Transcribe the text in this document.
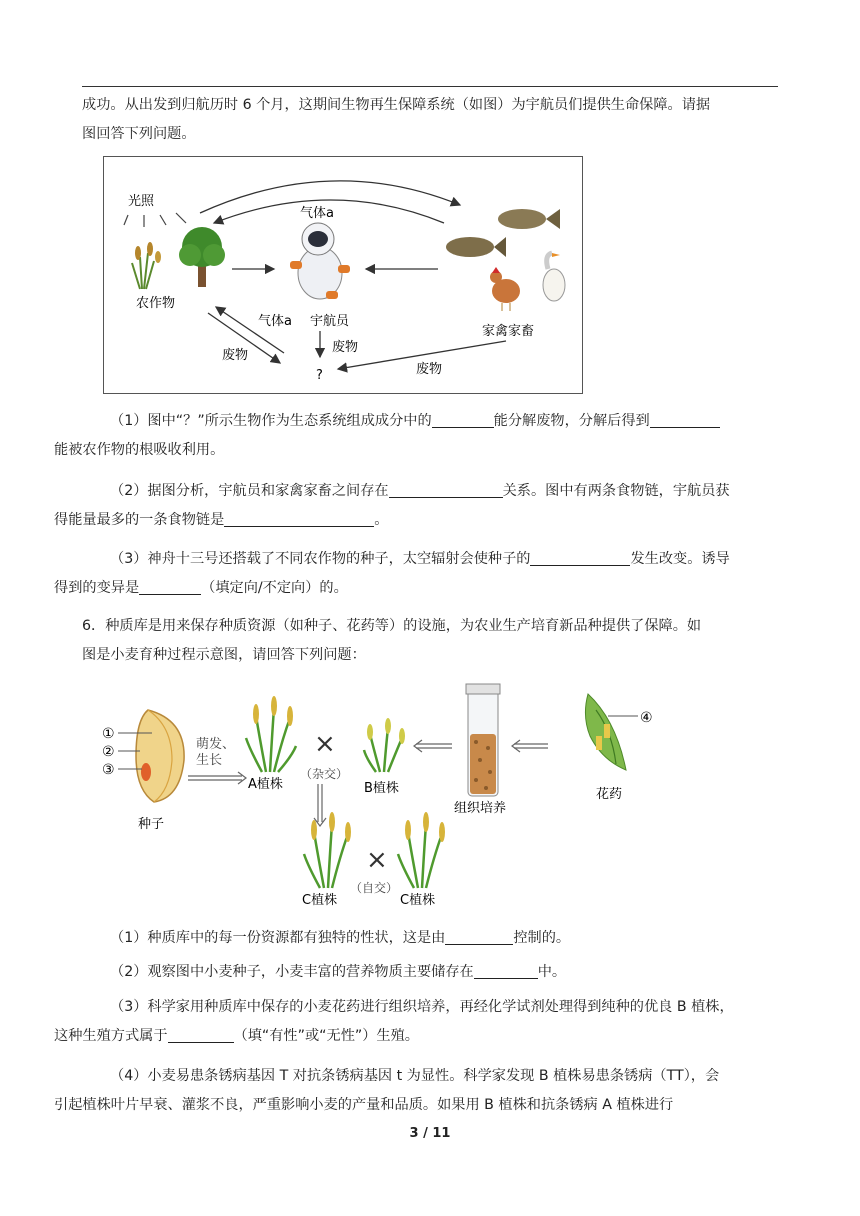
成功。从出发到归航历时 6 个月，这期间生物再生保障系统（如图）为宇航员们提供生命保障。请据
图回答下列问题。

光照
气体a
农作物
宇航员
家禽家畜
气体a
废物
废物
?	废物

（1）图中“？”所示生物作为生态系统组成成分中的	能分解废物，分解后得到
能被农作物的根吸收利用。

（2）据图分析，宇航员和家禽家畜之间存在	关系。图中有两条食物链，宇航员获
得能量最多的一条食物链是	。

（3）神舟十三号还搭载了不同农作物的种子，太空辐射会使种子的	发生改变。诱导
得到的变异是	（填定向/不定向）的。

6．种质库是用来保存种质资源（如种子、花药等）的设施，为农业生产培育新品种提供了保障。如
图是小麦育种过程示意图，请回答下列问题：

①
②
③
种子
萌发、
生长
A植株
×
（杂交）
B植株
组织培养
④
花药
C植株
×
（自交）
C植株

（1）种质库中的每一份资源都有独特的性状，这是由	控制的。

（2）观察图中小麦种子，小麦丰富的营养物质主要储存在	中。

（3）科学家用种质库中保存的小麦花药进行组织培养，再经化学试剂处理得到纯种的优良 B 植株，
这种生殖方式属于	（填“有性”或“无性”）生殖。

（4）小麦易患条锈病基因 T 对抗条锈病基因 t 为显性。科学家发现 B 植株易患条锈病（TT），会
引起植株叶片早衰、灌浆不良，严重影响小麦的产量和品质。如果用 B 植株和抗条锈病 A 植株进行

3 / 11
